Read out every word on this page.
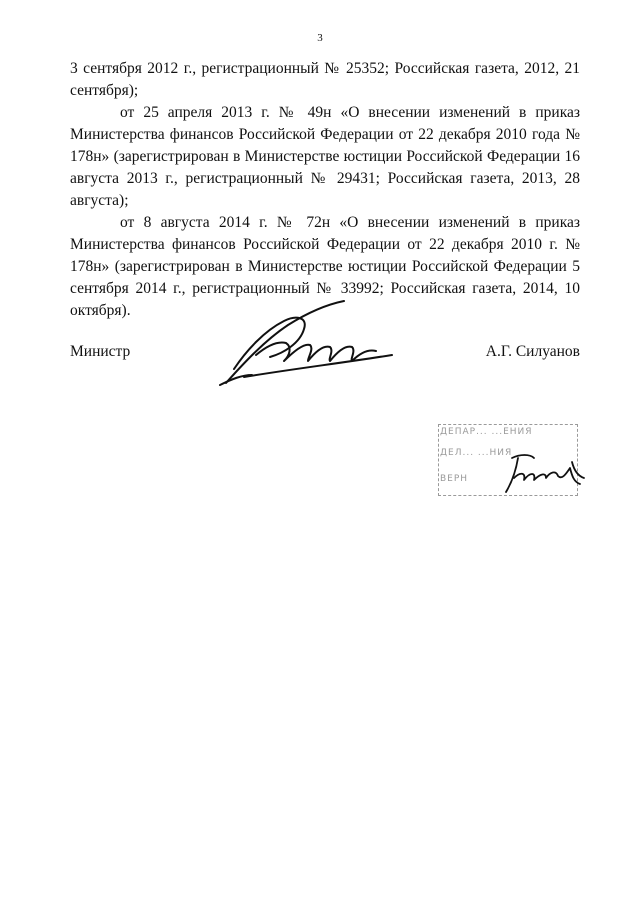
3

3 сентября 2012 г., регистрационный № 25352; Российская газета, 2012, 21 сентября);

от 25 апреля 2013 г. № 49н «О внесении изменений в приказ Министерства финансов Российской Федерации от 22 декабря 2010 года № 178н» (зарегистрирован в Министерстве юстиции Российской Федерации 16 августа 2013 г., регистрационный № 29431; Российская газета, 2013, 28 августа);

от 8 августа 2014 г. № 72н «О внесении изменений в приказ Министерства финансов Российской Федерации от 22 декабря 2010 г. № 178н» (зарегистрирован в Министерстве юстиции Российской Федерации 5 сентября 2014 г., регистрационный № 33992; Российская газета, 2014, 10 октября).

Министр	А.Г. Силуанов
ДЕПАР... ...ЕНИЯ
ДЕЛ... ...НИЯ
ВЕРН
